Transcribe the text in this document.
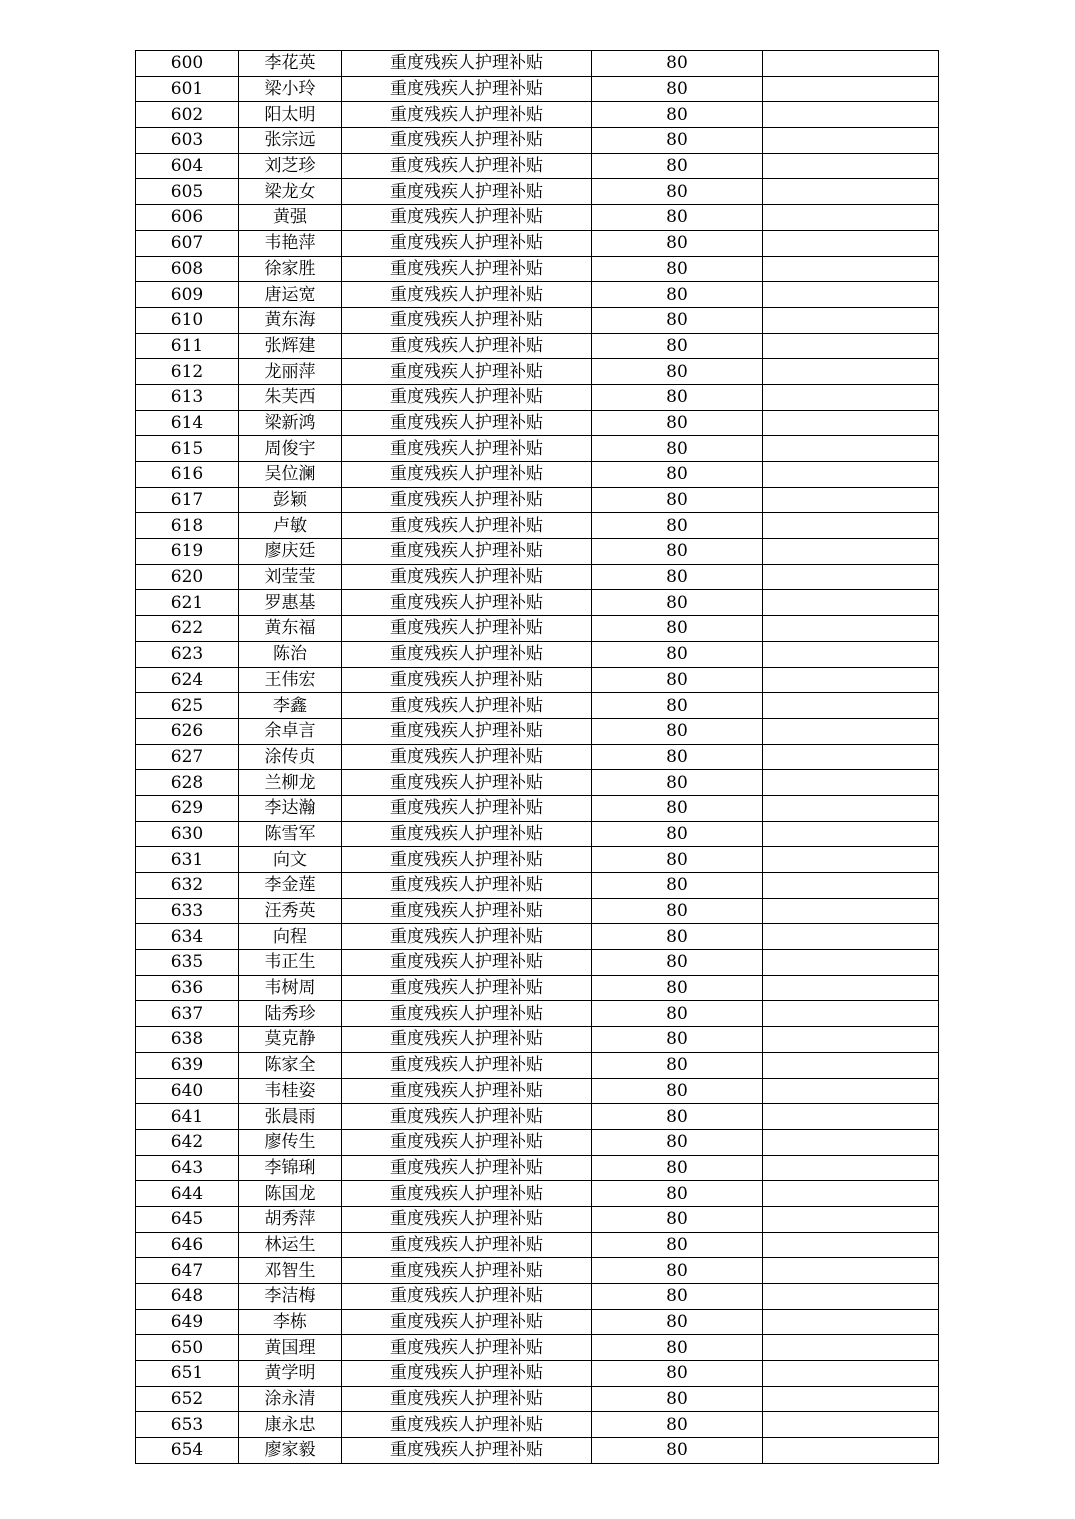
600	李花英	重度残疾人护理补贴	80	
601	梁小玲	重度残疾人护理补贴	80	
602	阳太明	重度残疾人护理补贴	80	
603	张宗远	重度残疾人护理补贴	80	
604	刘芝珍	重度残疾人护理补贴	80	
605	梁龙女	重度残疾人护理补贴	80	
606	黄强	重度残疾人护理补贴	80	
607	韦艳萍	重度残疾人护理补贴	80	
608	徐家胜	重度残疾人护理补贴	80	
609	唐运宽	重度残疾人护理补贴	80	
610	黄东海	重度残疾人护理补贴	80	
611	张辉建	重度残疾人护理补贴	80	
612	龙丽萍	重度残疾人护理补贴	80	
613	朱芙西	重度残疾人护理补贴	80	
614	梁新鸿	重度残疾人护理补贴	80	
615	周俊宇	重度残疾人护理补贴	80	
616	吴位澜	重度残疾人护理补贴	80	
617	彭颖	重度残疾人护理补贴	80	
618	卢敏	重度残疾人护理补贴	80	
619	廖庆廷	重度残疾人护理补贴	80	
620	刘莹莹	重度残疾人护理补贴	80	
621	罗惠基	重度残疾人护理补贴	80	
622	黄东福	重度残疾人护理补贴	80	
623	陈治	重度残疾人护理补贴	80	
624	王伟宏	重度残疾人护理补贴	80	
625	李鑫	重度残疾人护理补贴	80	
626	余卓言	重度残疾人护理补贴	80	
627	涂传贞	重度残疾人护理补贴	80	
628	兰柳龙	重度残疾人护理补贴	80	
629	李达瀚	重度残疾人护理补贴	80	
630	陈雪军	重度残疾人护理补贴	80	
631	向文	重度残疾人护理补贴	80	
632	李金莲	重度残疾人护理补贴	80	
633	汪秀英	重度残疾人护理补贴	80	
634	向程	重度残疾人护理补贴	80	
635	韦正生	重度残疾人护理补贴	80	
636	韦树周	重度残疾人护理补贴	80	
637	陆秀珍	重度残疾人护理补贴	80	
638	莫克静	重度残疾人护理补贴	80	
639	陈家全	重度残疾人护理补贴	80	
640	韦桂姿	重度残疾人护理补贴	80	
641	张晨雨	重度残疾人护理补贴	80	
642	廖传生	重度残疾人护理补贴	80	
643	李锦琍	重度残疾人护理补贴	80	
644	陈国龙	重度残疾人护理补贴	80	
645	胡秀萍	重度残疾人护理补贴	80	
646	林运生	重度残疾人护理补贴	80	
647	邓智生	重度残疾人护理补贴	80	
648	李洁梅	重度残疾人护理补贴	80	
649	李栋	重度残疾人护理补贴	80	
650	黄国理	重度残疾人护理补贴	80	
651	黄学明	重度残疾人护理补贴	80	
652	涂永清	重度残疾人护理补贴	80	
653	康永忠	重度残疾人护理补贴	80	
654	廖家毅	重度残疾人护理补贴	80	
